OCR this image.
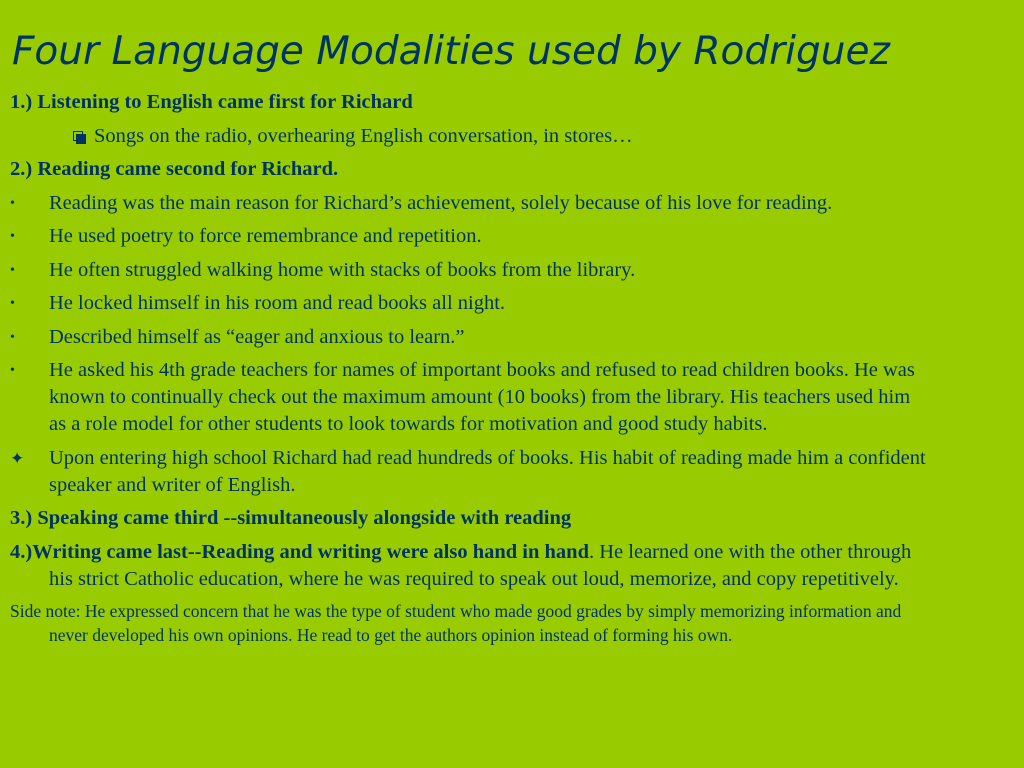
Four Language Modalities used by Rodriguez
1.) Listening to English came first for Richard
Songs on the radio, overhearing English conversation, in stores…
2.) Reading came second for Richard.
•	Reading was the main reason for Richard’s achievement, solely because of his love for reading.
•	He used poetry to force remembrance and repetition.
•	He often struggled walking home with stacks of books from the library.
•	He locked himself in his room and read books all night.
•	Described himself as “eager and anxious to learn.”
•	He asked his 4th grade teachers for names of important books and refused to read children books. He was known to continually check out the maximum amount (10 books) from the library. His teachers used him as a role model for other students to look towards for motivation and good study habits.
✦ Upon entering high school Richard had read hundreds of books. His habit of reading made him a confident speaker and writer of English.
3.) Speaking came third --simultaneously alongside with reading
4.)Writing came last--Reading and writing were also hand in hand. He learned one with the other through his strict Catholic education, where he was required to speak out loud, memorize, and copy repetitively.
Side note: He expressed concern that he was the type of student who made good grades by simply memorizing information and never developed his own opinions. He read to get the authors opinion instead of forming his own.
